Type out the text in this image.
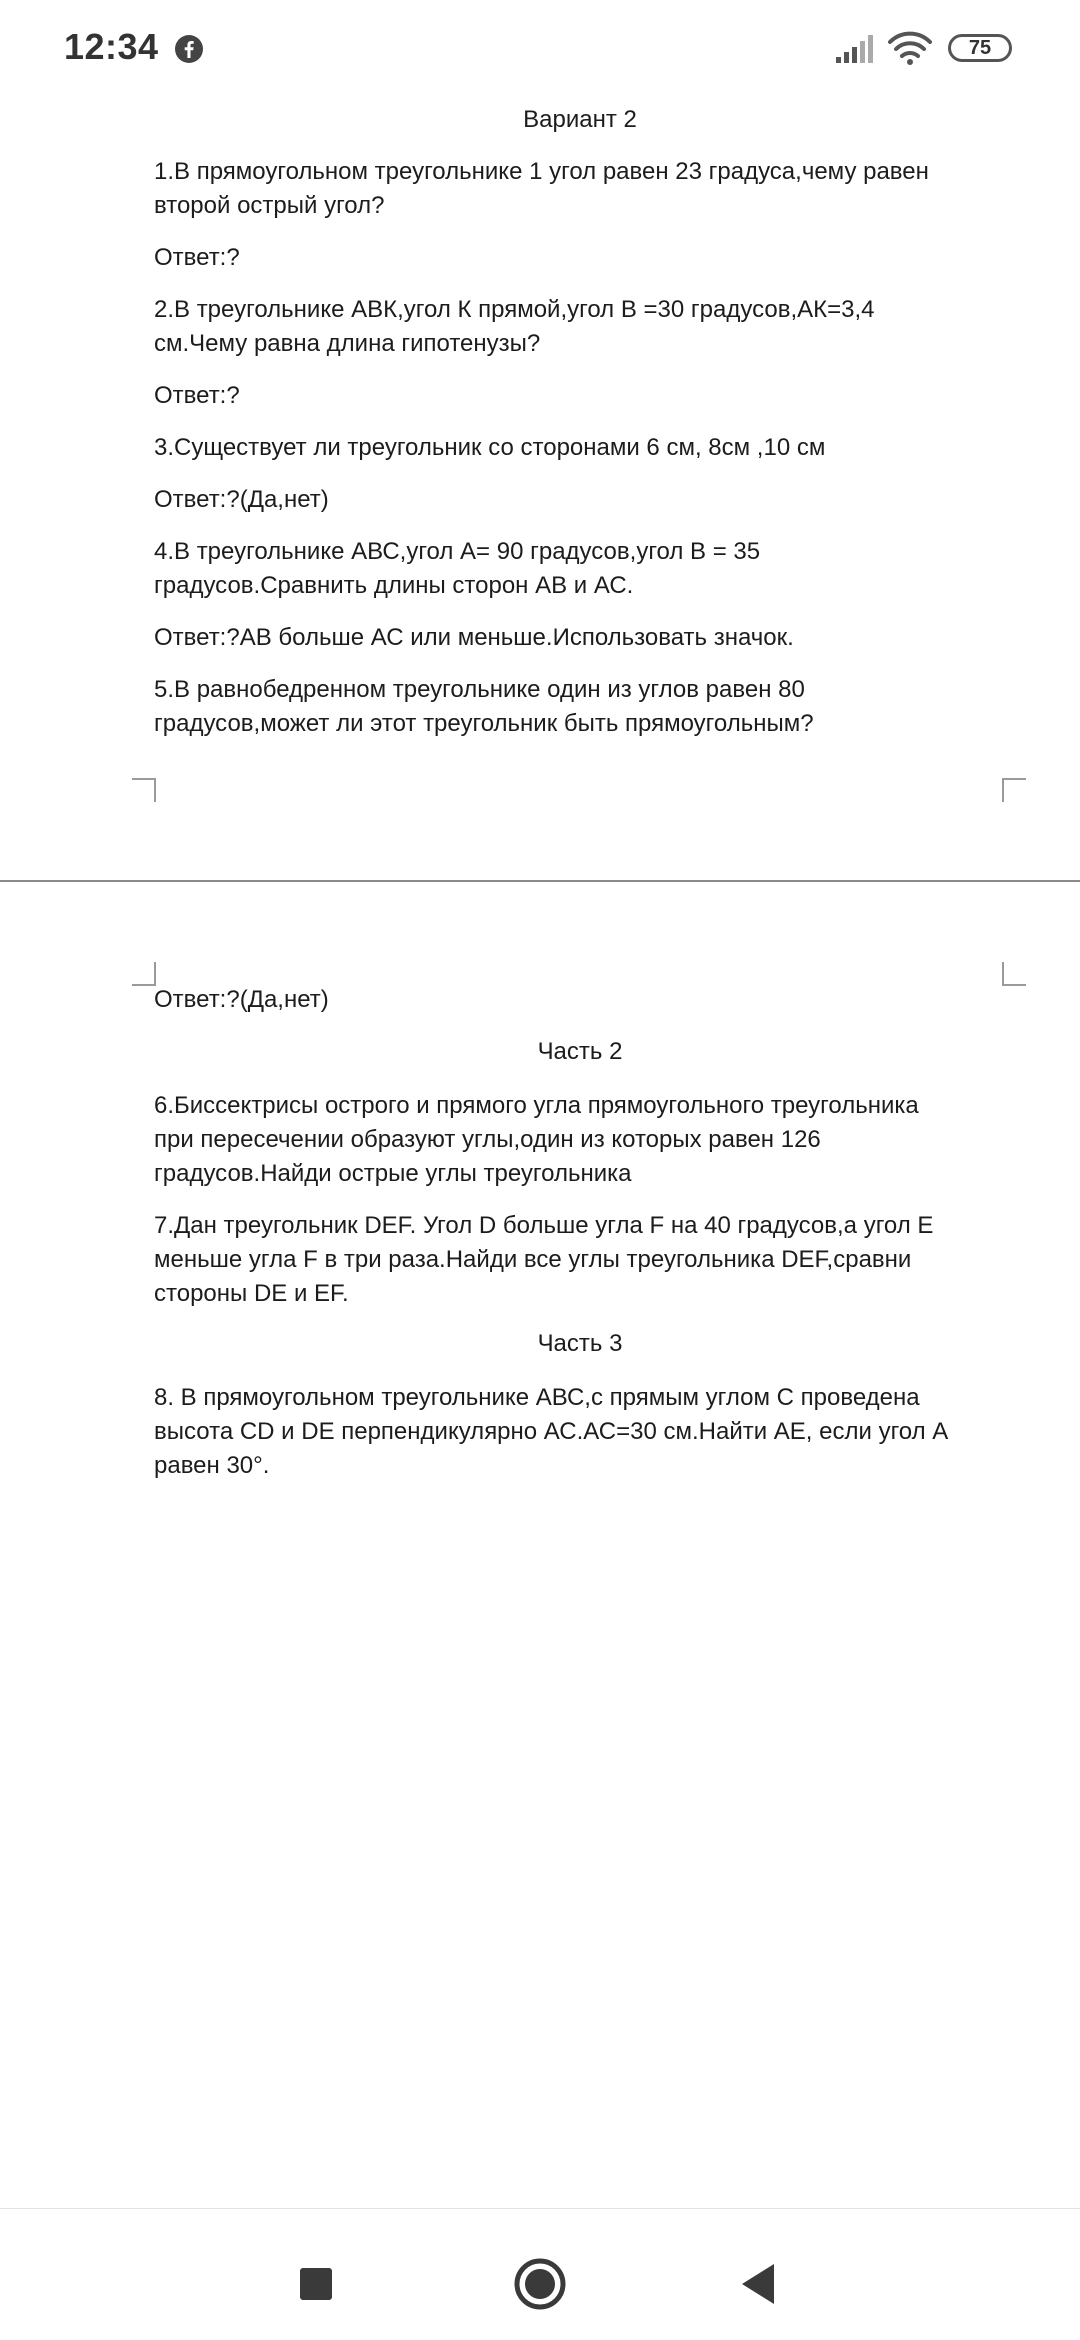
12:34	75
Вариант 2
1.В прямоугольном треугольнике 1 угол равен 23 градуса,чему равен
второй острый угол?
Ответ:?
2.В треугольнике АВК,угол К прямой,угол В =30 градусов,АК=3,4
см.Чему равна длина гипотенузы?
Ответ:?
3.Существует ли треугольник со сторонами 6 см, 8см ,10 см
Ответ:?(Да,нет)
4.В треугольнике АВС,угол А= 90 градусов,угол В = 35
градусов.Сравнить длины сторон АВ и АС.
Ответ:?АВ больше АС или меньше.Использовать значок.
5.В равнобедренном треугольнике один из углов равен 80
градусов,может ли этот треугольник быть прямоугольным?
Ответ:?(Да,нет)
Часть 2
6.Биссектрисы острого и прямого угла прямоугольного треугольника
при пересечении образуют углы,один из которых равен 126
градусов.Найди острые углы треугольника
7.Дан треугольник DEF. Угол D больше угла F на 40 градусов,а угол Е
меньше угла F в три раза.Найди все углы треугольника DEF,сравни
стороны DE и EF.
Часть 3
8. В прямоугольном треугольнике АВС,с прямым углом С проведена
высота CD и DE перпендикулярно АС.АС=30 см.Найти АЕ, если угол А
равен 30°.
